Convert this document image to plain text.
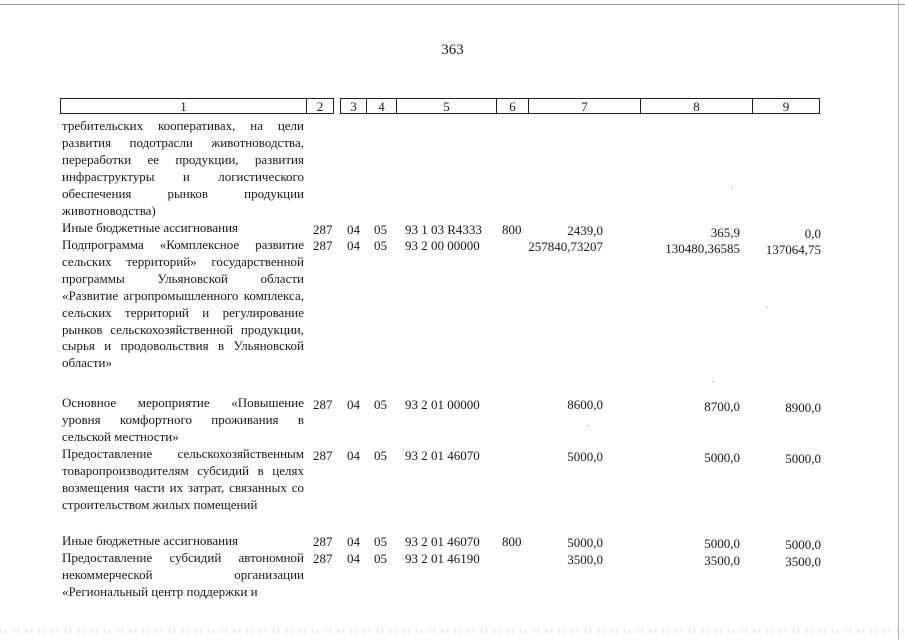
363
1	2	3	4	5	6	7	8	9
требительских кооперативах, на цели развития подотрасли животноводства, переработки ее продукции, развития инфраструктуры и логистического обеспечения рынков продукции животноводства)
Иные бюджетные ассигнования	287 04 05 93 1 03 R4333 800	2439,0	365,9	0,0
Подпрограмма «Комплексное развитие сельских территорий» государственной программы Ульяновской области «Развитие агропромышленного комплекса, сельских территорий и регулирование рынков сельскохозяйственной продукции, сырья и продовольствия в Ульяновской области»
287 04 05 93 2 00 00000	257840,73207	130480,36585 137064,75
Основное мероприятие «Повышение уровня комфортного проживания в сельской местности»
287 04 05 93 2 01 00000	8600,0	8700,0	8900,0
Предоставление сельскохозяйственным товаропроизводителям субсидий в целях возмещения части их затрат, связанных со строительством жилых помещений
287 04 05 93 2 01 46070	5000,0	5000,0	5000,0
Иные бюджетные ассигнования	287 04 05 93 2 01 46070 800	5000,0	5000,0	5000,0
Предоставление субсидий автономной некоммерческой организации «Региональный центр поддержки и
287 04 05 93 2 01 46190	3500,0	3500,0	3500,0
